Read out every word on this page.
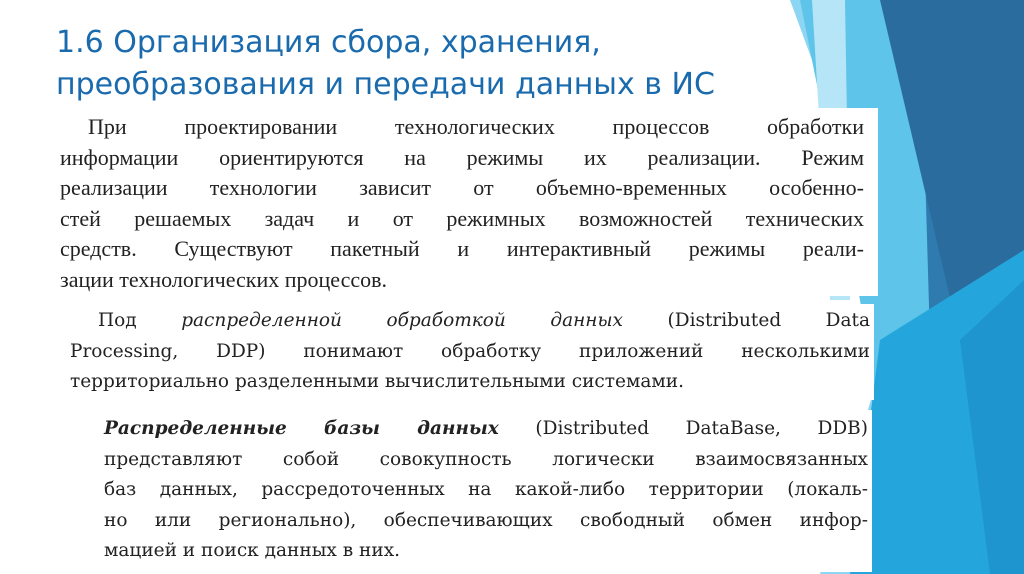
1.6 Организация сбора, хранения, преобразования и передачи данных в ИС
При проектировании технологических процессов обработки
информации ориентируются на режимы их реализации. Режим
реализации технологии зависит от объемно-временных особенно-
стей решаемых задач и от режимных возможностей технических
средств. Существуют пакетный и интерактивный режимы реали-
зации технологических процессов.
Под распределенной обработкой данных (Distributed Data
Processing, DDP) понимают обработку приложений несколькими
территориально разделенными вычислительными системами.
Распределенные базы данных (Distributed DataBase, DDB)
представляют собой совокупность логически взаимосвязанных
баз данных, рассредоточенных на какой-либо территории (локаль-
но или регионально), обеспечивающих свободный обмен инфор-
мацией и поиск данных в них.
